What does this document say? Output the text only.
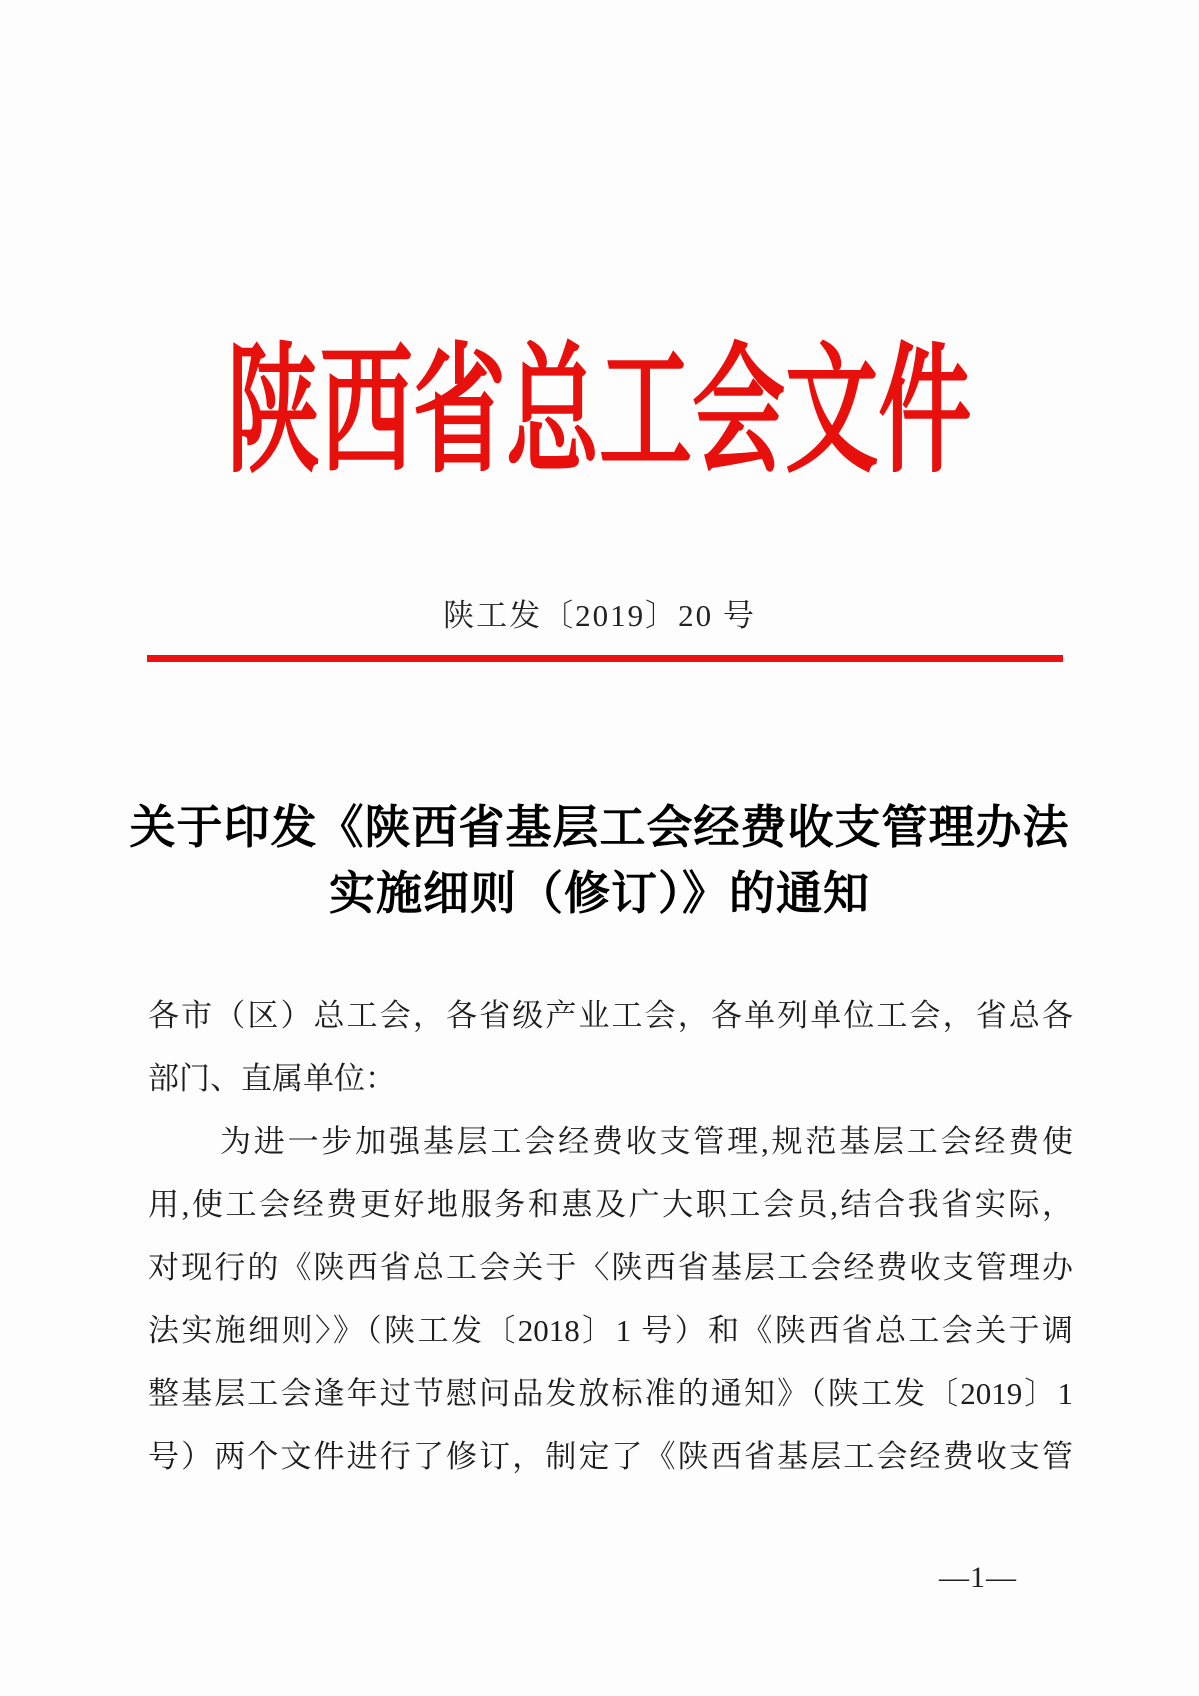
陕西省总工会文件
陕工发〔2019〕20 号
关于印发《陕西省基层工会经费收支管理办法
实施细则（修订）》的通知
各市（区）总工会，各省级产业工会，各单列单位工会，省总各
部门、直属单位：
为进一步加强基层工会经费收支管理,规范基层工会经费使
用,使工会经费更好地服务和惠及广大职工会员,结合我省实际，
对现行的《陕西省总工会关于〈陕西省基层工会经费收支管理办
法实施细则〉》（陕工发〔2018〕1 号）和《陕西省总工会关于调
整基层工会逢年过节慰问品发放标准的通知》（陕工发〔2019〕1
号）两个文件进行了修订，制定了《陕西省基层工会经费收支管
—1—
